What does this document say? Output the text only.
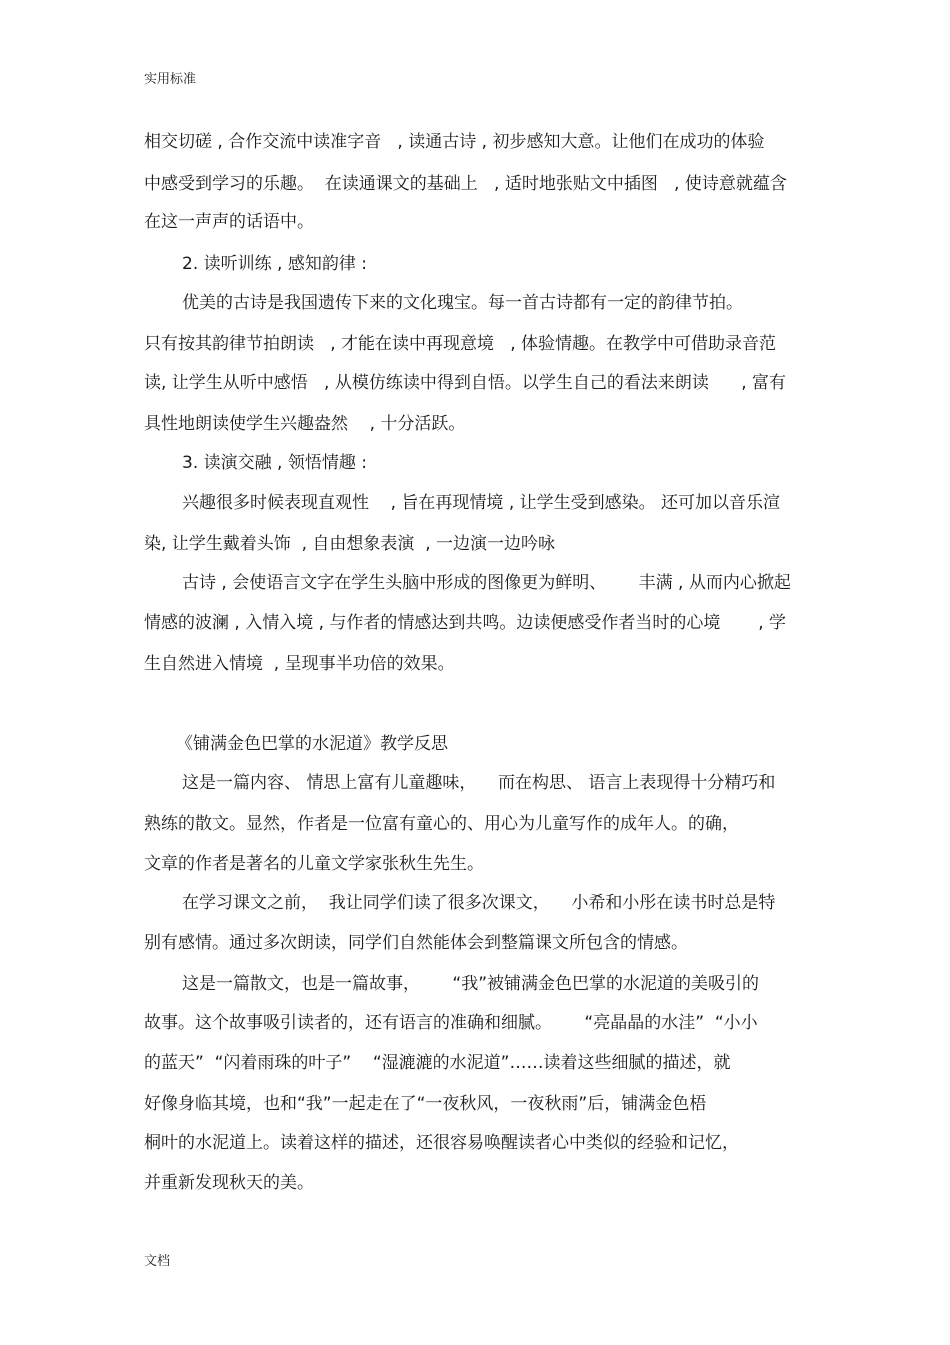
实用标准
相交切磋 , 合作交流中读准字音   , 读通古诗 , 初步感知大意。让他们在成功的体验
中感受到学习的乐趣。  在读通课文的基础上   , 适时地张贴文中插图   , 使诗意就蕴含
在这一声声的话语中。
2. 读听训练 , 感知韵律 :
优美的古诗是我国遗传下来的文化瑰宝。每一首古诗都有一定的韵律节拍。
只有按其韵律节拍朗读   , 才能在读中再现意境   , 体验情趣。在教学中可借助录音范
读, 让学生从听中感悟   , 从模仿练读中得到自悟。以学生自己的看法来朗读      , 富有
具性地朗读使学生兴趣盎然    , 十分活跃。
3. 读演交融 , 领悟情趣 :
兴趣很多时候表现直观性    , 旨在再现情境 , 让学生受到感染。 还可加以音乐渲
染, 让学生戴着头饰  , 自由想象表演  , 一边演一边吟咏
古诗 , 会使语言文字在学生头脑中形成的图像更为鲜明、      丰满 , 从而内心掀起
情感的波澜 , 入情入境 , 与作者的情感达到共鸣。边读便感受作者当时的心境       , 学
生自然进入情境  , 呈现事半功倍的效果。
《铺满金色巴掌的水泥道》教学反思
这是一篇内容、 情思上富有儿童趣味，    而在构思、 语言上表现得十分精巧和
熟练的散文。显然，作者是一位富有童心的、用心为儿童写作的成年人。的确，
文章的作者是著名的儿童文学家张秋生先生。
在学习课文之前，  我让同学们读了很多次课文，    小希和小彤在读书时总是特
别有感情。通过多次朗读，同学们自然能体会到整篇课文所包含的情感。
这是一篇散文，也是一篇故事，      “我”被铺满金色巴掌的水泥道的美吸引的
故事。这个故事吸引读者的，还有语言的准确和细腻。      “亮晶晶的水洼”  “小小
的蓝天”  “闪着雨珠的叶子”    “湿漉漉的水泥道”……读着这些细腻的描述，就
好像身临其境，也和“我”一起走在了“一夜秋风，一夜秋雨”后，铺满金色梧
桐叶的水泥道上。读着这样的描述，还很容易唤醒读者心中类似的经验和记忆，
并重新发现秋天的美。
文档
